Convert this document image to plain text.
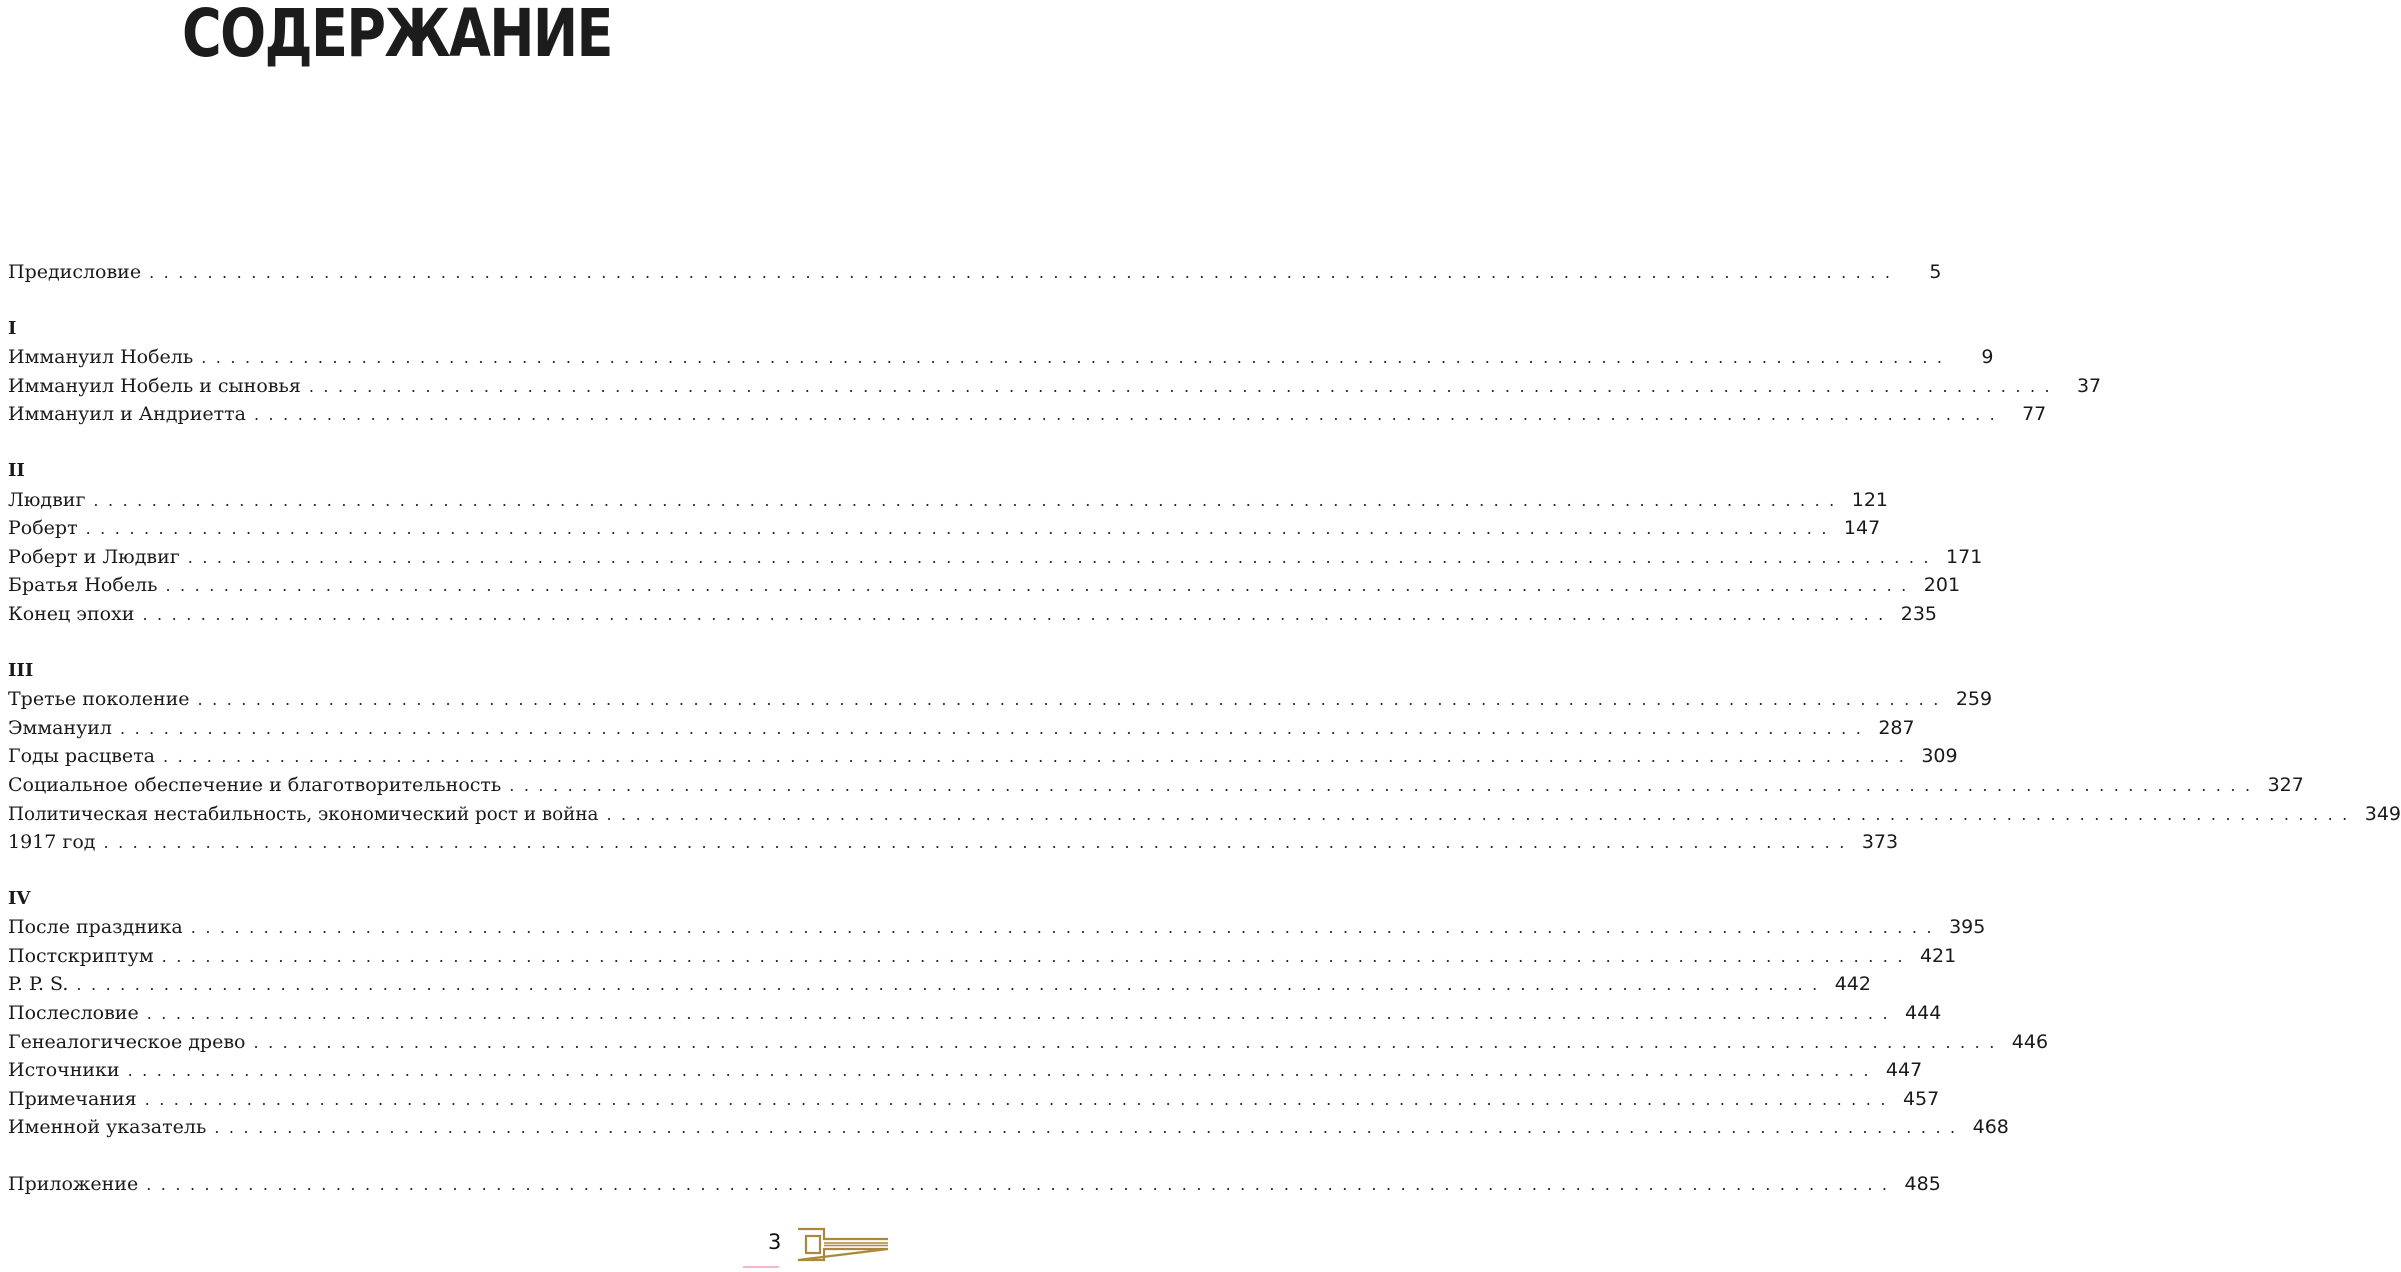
СОДЕРЖАНИЕ
Предисловие ........................................................................................................................	5
I
Иммануил Нобель ........................................................................................................................	9
Иммануил Нобель и сыновья ........................................................................................................................ 37
Иммануил и Андриетта ........................................................................................................................ 77
II
Людвиг ........................................................................................................................ 121
Роберт ........................................................................................................................ 147
Роберт и Людвиг ........................................................................................................................ 171
Братья Нобель ........................................................................................................................ 201
Конец эпохи ........................................................................................................................ 235
III
Третье поколение ........................................................................................................................ 259
Эммануил ........................................................................................................................ 287
Годы расцвета ........................................................................................................................ 309
Социальное обеспечение и благотворительность ........................................................................................................................ 327
Политическая нестабильность, экономический рост и война ........................................................................................................................ 349
1917 год ........................................................................................................................ 373
IV
После праздника ........................................................................................................................ 395
Постскриптум ........................................................................................................................ 421
P. P. S. ........................................................................................................................ 442
Послесловие ........................................................................................................................ 444
Генеалогическое древо ........................................................................................................................ 446
Источники ........................................................................................................................ 447
Примечания ........................................................................................................................ 457
Именной указатель ........................................................................................................................ 468
Приложение ........................................................................................................................ 485
3
